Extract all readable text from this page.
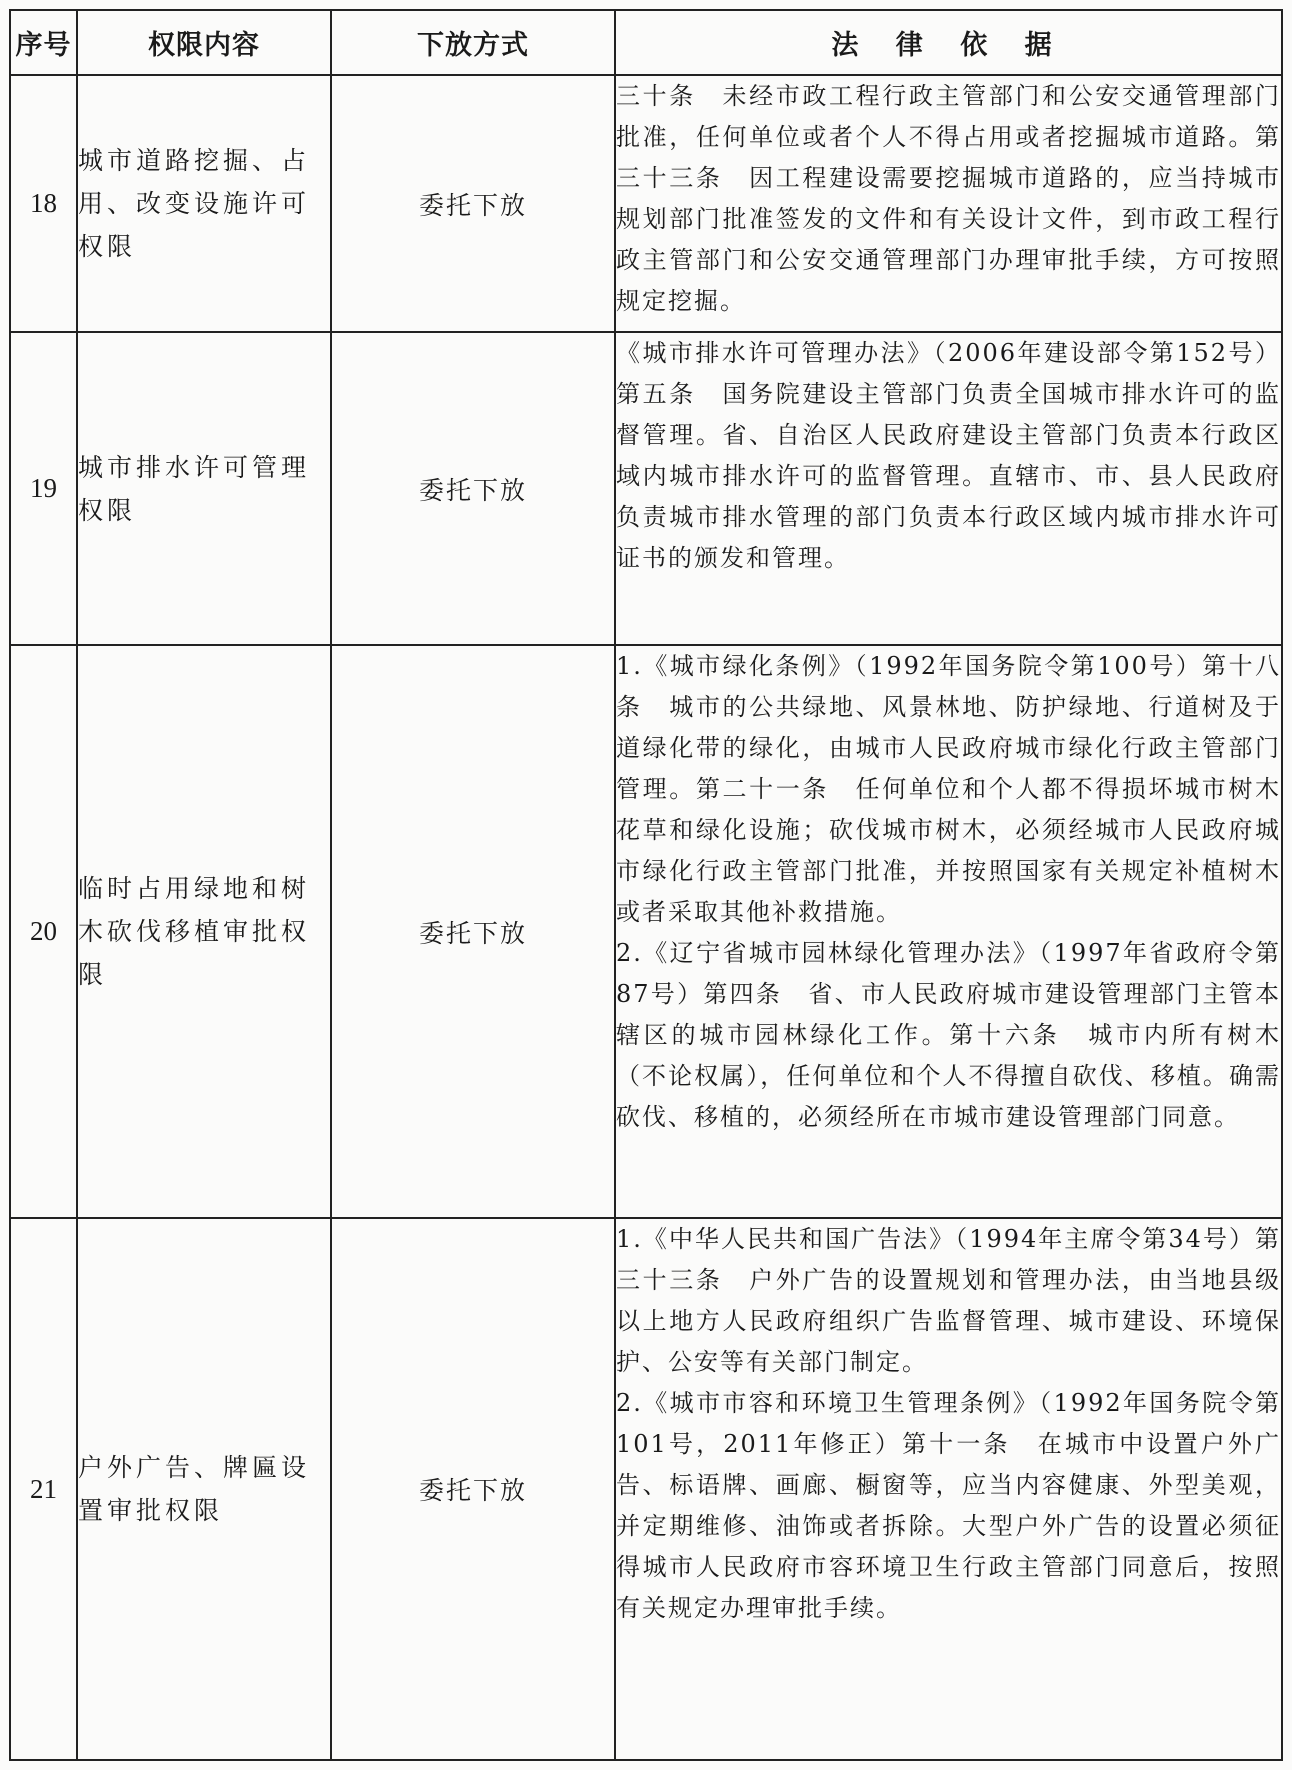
序号	权限内容	下放方式	法 律 依 据
18	城市道路挖掘、占用、改变设施许可权限	委托下放	三十条　未经市政工程行政主管部门和公安交通管理部门批准，任何单位或者个人不得占用或者挖掘城市道路。第三十三条　因工程建设需要挖掘城市道路的，应当持城巿规划部门批准签发的文件和有关设计文件，到市政工程行政主管部门和公安交通管理部门办理审批手续，方可按照规定挖掘。

19	城市排水许可管理权限	委托下放	《城市排水许可管理办法》（2006年建设部令第152号）第五条　国务院建设主管部门负责全国城市排水许可的监督管理。省、自治区人民政府建设主管部门负责本行政区域内城市排水许可的监督管理。直辖市、市、县人民政府负责城市排水管理的部门负责本行政区域内城市排水许可证书的颁发和管理。

20	临时占用绿地和树木砍伐移植审批权限	委托下放	1.《城市绿化条例》（1992年国务院令第100号）第十八条　城市的公共绿地、风景林地、防护绿地、行道树及于道绿化带的绿化，由城市人民政府城市绿化行政主管部门管理。第二十一条　任何单位和个人都不得损坏城市树木花草和绿化设施；砍伐城市树木，必须经城市人民政府城市绿化行政主管部门批准，并按照国家有关规定补植树木或者采取其他补救措施。

2.《辽宁省城市园林绿化管理办法》（1997年省政府令第87号）第四条　省、市人民政府城市建设管理部门主管本辖区的城市园林绿化工作。第十六条　城市内所有树木（不论权属），任何单位和个人不得擅自砍伐、移植。确需砍伐、移植的，必须经所在市城市建设管理部门同意。

21	户外广告、牌匾设置审批权限	委托下放	1.《中华人民共和国广告法》（1994年主席令第34号）第三十三条　户外广告的设置规划和管理办法，由当地县级以上地方人民政府组织广告监督管理、城市建设、环境保护、公安等有关部门制定。

2.《城市市容和环境卫生管理条例》（1992年国务院令第101号，2011年修正）第十一条　在城市中设置户外广告、标语牌、画廊、橱窗等，应当内容健康、外型美观，并定期维修、油饰或者拆除。大型户外广告的设置必须征得城市人民政府市容环境卫生行政主管部门同意后，按照有关规定办理审批手续。
